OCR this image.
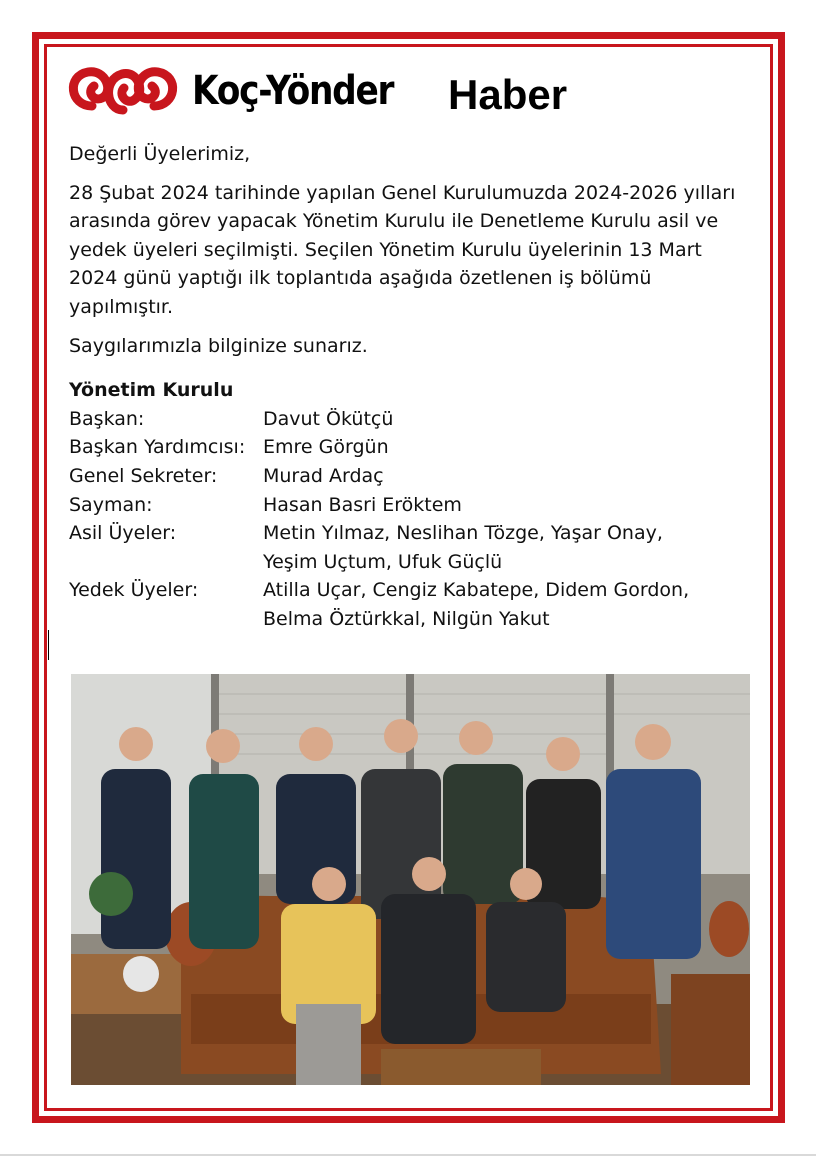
Koç-Yönder Haber

Değerli Üyelerimiz,

28 Şubat 2024 tarihinde yapılan Genel Kurulumuzda 2024-2026 yılları
arasında görev yapacak Yönetim Kurulu ile Denetleme Kurulu asil ve
yedek üyeleri seçilmişti. Seçilen Yönetim Kurulu üyelerinin 13 Mart
2024 günü yaptığı ilk toplantıda aşağıda özetlenen iş bölümü
yapılmıştır.

Saygılarımızla bilginize sunarız.

Yönetim Kurulu
Başkan:	Davut Ökütçü
Başkan Yardımcısı: Emre Görgün
Genel Sekreter:	Murad Ardaç
Sayman:	Hasan Basri Eröktem
Asil Üyeler:	Metin Yılmaz, Neslihan Tözge, Yaşar Onay,
Yeşim Uçtum, Ufuk Güçlü
Yedek Üyeler:	Atilla Uçar, Cengiz Kabatepe, Didem Gordon,
Belma Öztürkkal, Nilgün Yakut
